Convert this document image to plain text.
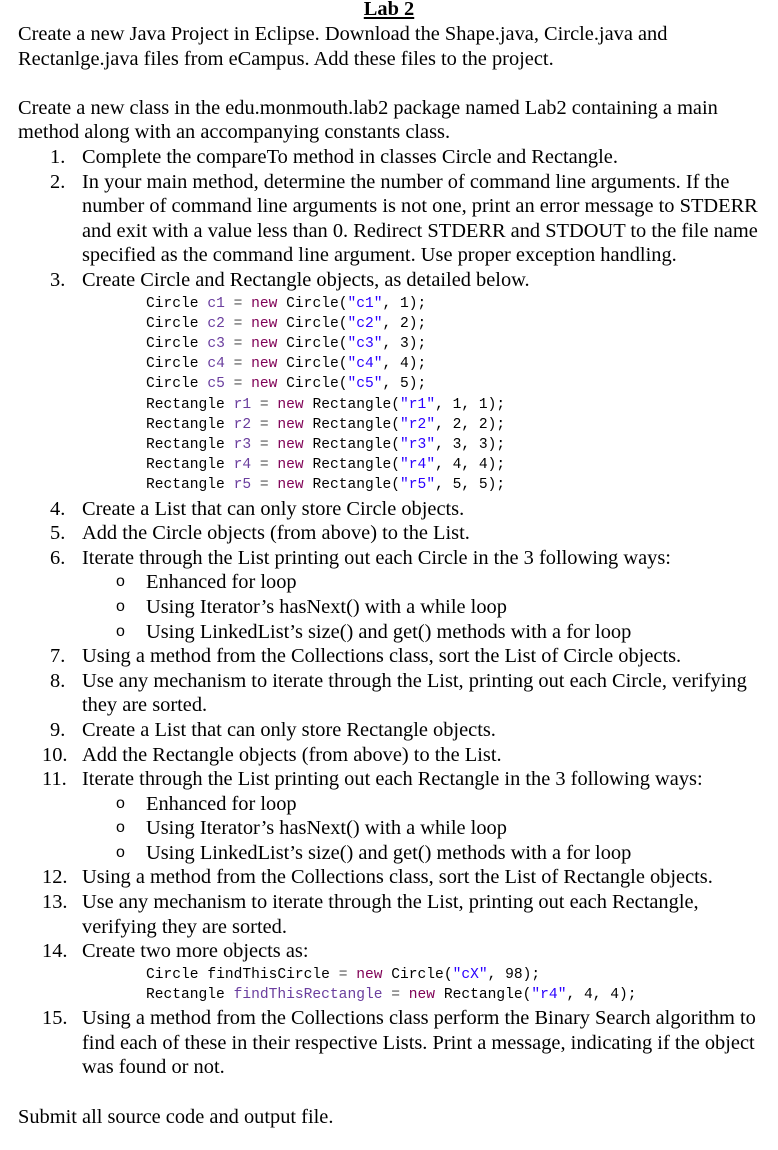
Lab 2

Create a new Java Project in Eclipse. Download the Shape.java, Circle.java and Rectanlge.java files from eCampus. Add these files to the project.

Create a new class in the edu.monmouth.lab2 package named Lab2 containing a main method along with an accompanying constants class.

1. Complete the compareTo method in classes Circle and Rectangle.
2. In your main method, determine the number of command line arguments. If the number of command line arguments is not one, print an error message to STDERR and exit with a value less than 0. Redirect STDERR and STDOUT to the file name specified as the command line argument. Use proper exception handling.
3. Create Circle and Rectangle objects, as detailed below.
Circle c1 = new Circle("c1", 1);
Circle c2 = new Circle("c2", 2);
Circle c3 = new Circle("c3", 3);
Circle c4 = new Circle("c4", 4);
Circle c5 = new Circle("c5", 5);
Rectangle r1 = new Rectangle("r1", 1, 1);
Rectangle r2 = new Rectangle("r2", 2, 2);
Rectangle r3 = new Rectangle("r3", 3, 3);
Rectangle r4 = new Rectangle("r4", 4, 4);
Rectangle r5 = new Rectangle("r5", 5, 5);
4. Create a List that can only store Circle objects.
5. Add the Circle objects (from above) to the List.
6. Iterate through the List printing out each Circle in the 3 following ways:
o Enhanced for loop
o Using Iterator’s hasNext() with a while loop
o Using LinkedList’s size() and get() methods with a for loop
7. Using a method from the Collections class, sort the List of Circle objects.
8. Use any mechanism to iterate through the List, printing out each Circle, verifying they are sorted.
9. Create a List that can only store Rectangle objects.
10. Add the Rectangle objects (from above) to the List.
11. Iterate through the List printing out each Rectangle in the 3 following ways:
o Enhanced for loop
o Using Iterator’s hasNext() with a while loop
o Using LinkedList’s size() and get() methods with a for loop
12. Using a method from the Collections class, sort the List of Rectangle objects.
13. Use any mechanism to iterate through the List, printing out each Rectangle, verifying they are sorted.
14. Create two more objects as:
Circle findThisCircle = new Circle("cX", 98);
Rectangle findThisRectangle = new Rectangle("r4", 4, 4);
15. Using a method from the Collections class perform the Binary Search algorithm to find each of these in their respective Lists. Print a message, indicating if the object was found or not.

Submit all source code and output file.
